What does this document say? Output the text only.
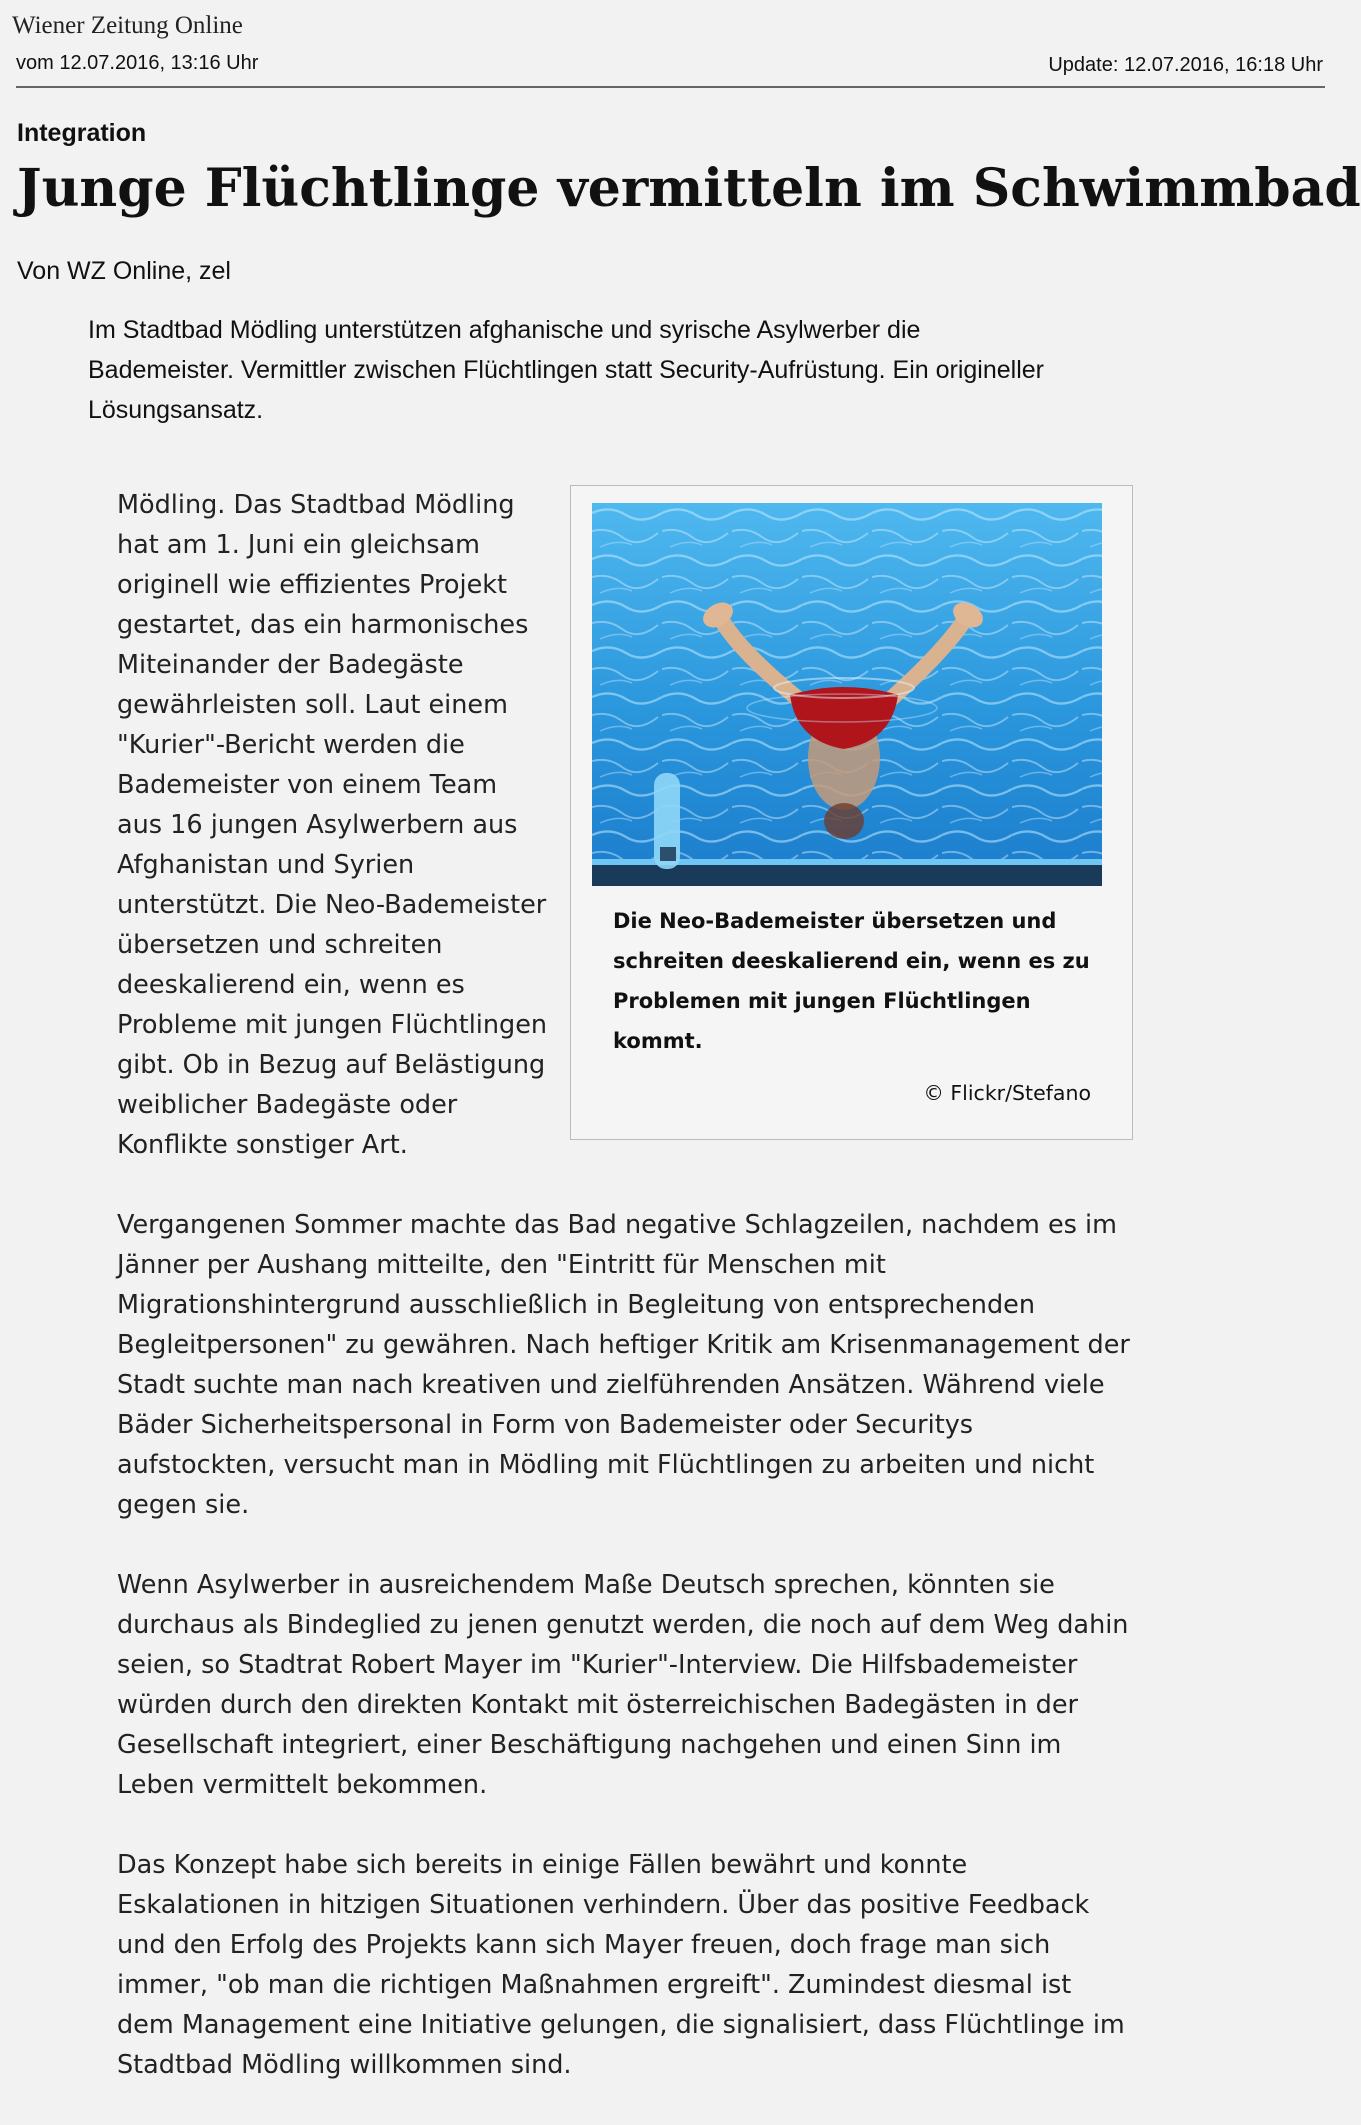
Wiener Zeitung Online
vom 12.07.2016, 13:16 Uhr	Update: 12.07.2016, 16:18 Uhr
Integration
Junge Flüchtlinge vermitteln im Schwimmbad
Von WZ Online, zel
Im Stadtbad Mödling unterstützen afghanische und syrische Asylwerber die Bademeister. Vermittler zwischen Flüchtlingen statt Security-Aufrüstung. Ein origineller Lösungsansatz.
Die Neo-Bademeister übersetzen und schreiten deeskalierend ein, wenn es zu Problemen mit jungen Flüchtlingen kommt.
© Flickr/Stefano

Mödling. Das Stadtbad Mödling hat am 1. Juni ein gleichsam originell wie effizientes Projekt gestartet, das ein harmonisches Miteinander der Badegäste gewährleisten soll. Laut einem "Kurier"-Bericht werden die Bademeister von einem Team aus 16 jungen Asylwerbern aus Afghanistan und Syrien unterstützt. Die Neo-Bademeister übersetzen und schreiten deeskalierend ein, wenn es Probleme mit jungen Flüchtlingen gibt. Ob in Bezug auf Belästigung weiblicher Badegäste oder Konflikte sonstiger Art.

Vergangenen Sommer machte das Bad negative Schlagzeilen, nachdem es im Jänner per Aushang mitteilte, den "Eintritt für Menschen mit Migrationshintergrund ausschließlich in Begleitung von entsprechenden Begleitpersonen" zu gewähren. Nach heftiger Kritik am Krisenmanagement der Stadt suchte man nach kreativen und zielführenden Ansätzen. Während viele Bäder Sicherheitspersonal in Form von Bademeister oder Securitys aufstockten, versucht man in Mödling mit Flüchtlingen zu arbeiten und nicht gegen sie.

Wenn Asylwerber in ausreichendem Maße Deutsch sprechen, könnten sie durchaus als Bindeglied zu jenen genutzt werden, die noch auf dem Weg dahin seien, so Stadtrat Robert Mayer im "Kurier"-Interview. Die Hilfsbademeister würden durch den direkten Kontakt mit österreichischen Badegästen in der Gesellschaft integriert, einer Beschäftigung nachgehen und einen Sinn im Leben vermittelt bekommen.

Das Konzept habe sich bereits in einige Fällen bewährt und konnte Eskalationen in hitzigen Situationen verhindern. Über das positive Feedback und den Erfolg des Projekts kann sich Mayer freuen, doch frage man sich immer, "ob man die richtigen Maßnahmen ergreift". Zumindest diesmal ist dem Management eine Initiative gelungen, die signalisiert, dass Flüchtlinge im Stadtbad Mödling willkommen sind.
